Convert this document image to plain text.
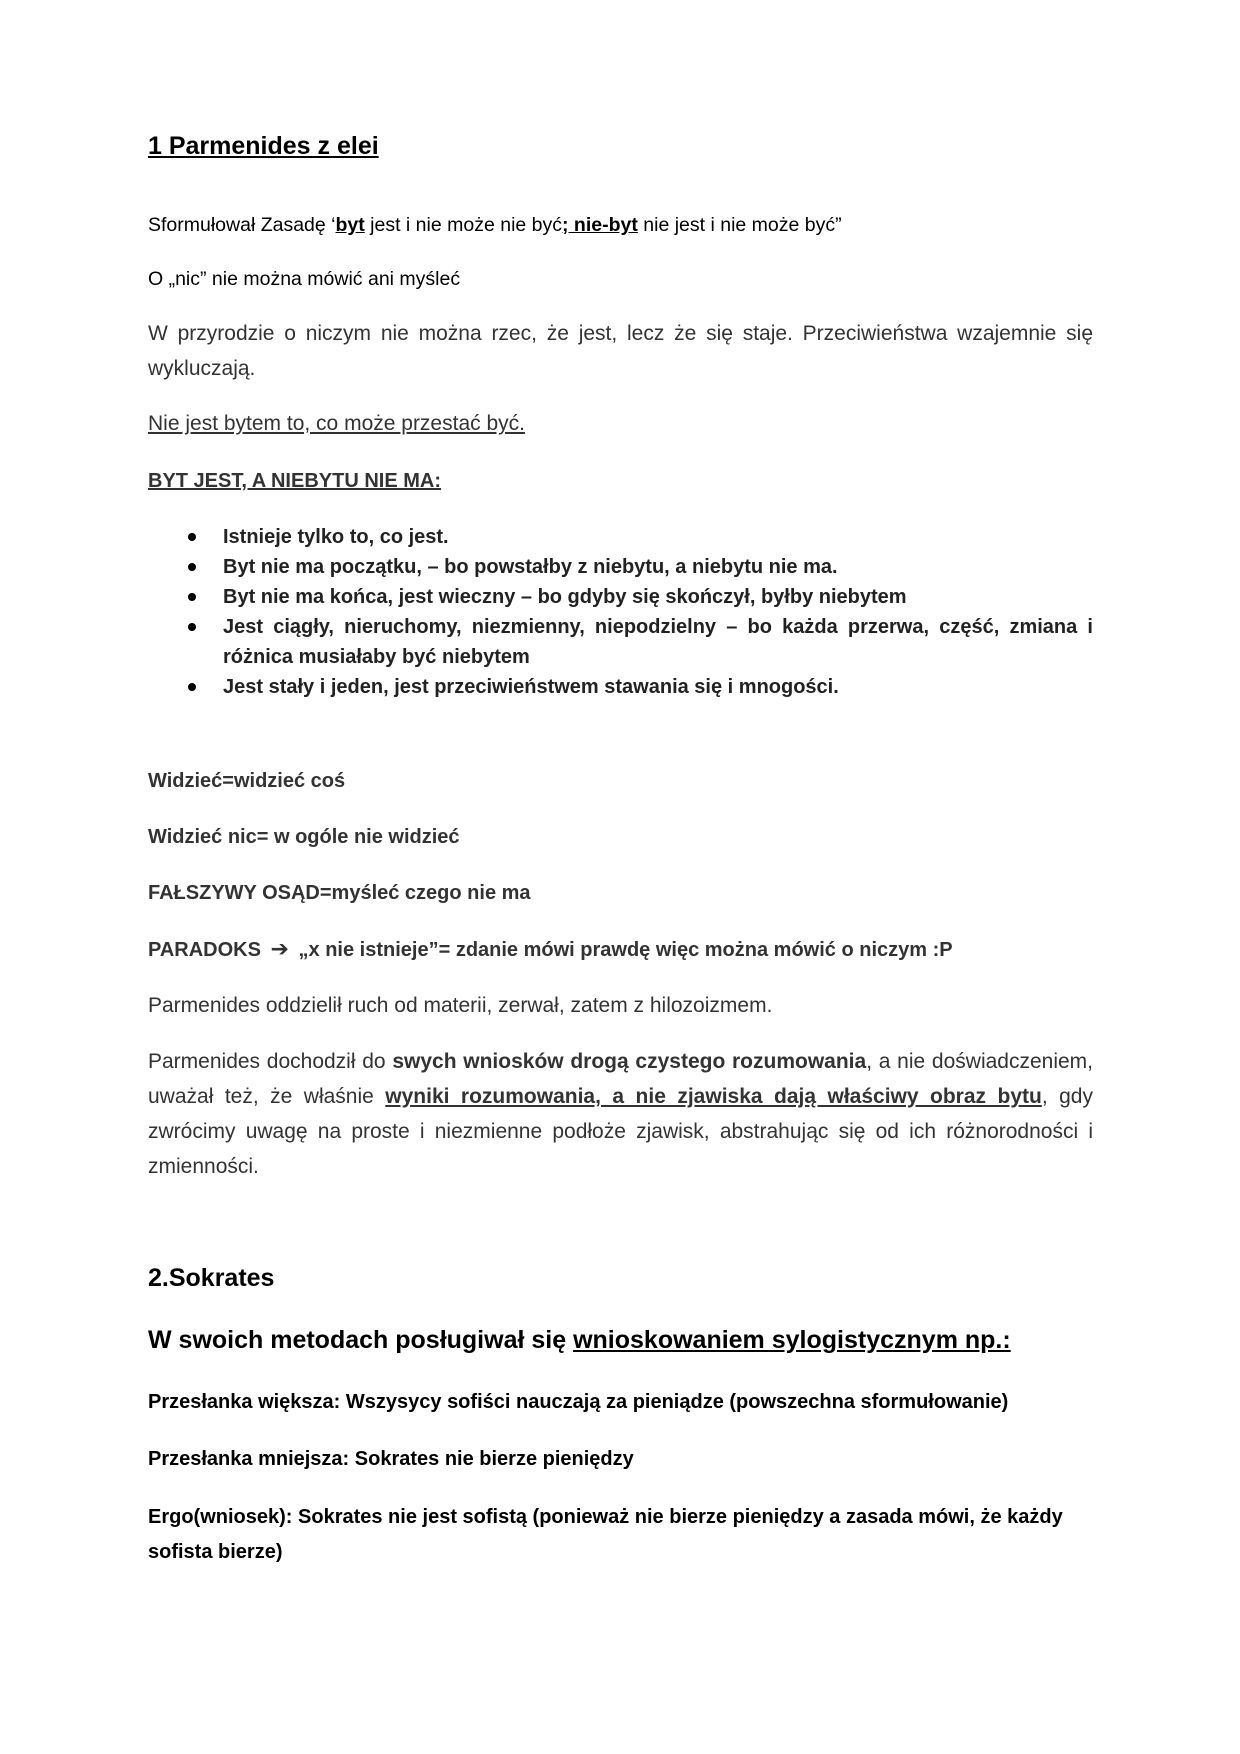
1 Parmenides z elei

Sformułował Zasadę ‘byt jest i nie może nie być; nie-byt nie jest i nie może być”

O „nic” nie można mówić ani myśleć

W przyrodzie o niczym nie można rzec, że jest, lecz że się staje. Przeciwieństwa wzajemnie się wykluczają.

Nie jest bytem to, co może przestać być.

BYT JEST, A NIEBYTU NIE MA:

Istnieje tylko to, co jest.
Byt nie ma początku, – bo powstałby z niebytu, a niebytu nie ma.
Byt nie ma końca, jest wieczny – bo gdyby się skończył, byłby niebytem
Jest ciągły, nieruchomy, niezmienny, niepodzielny – bo każda przerwa, część, zmiana i różnica musiałaby być niebytem
Jest stały i jeden, jest przeciwieństwem stawania się i mnogości.

Widzieć=widzieć coś

Widzieć nic= w ogóle nie widzieć

FAŁSZYWY OSĄD=myśleć czego nie ma

PARADOKS ➔ „x nie istnieje”= zdanie mówi prawdę więc można mówić o niczym :P

Parmenides oddzielił ruch od materii, zerwał, zatem z hilozoizmem.

Parmenides dochodził do swych wniosków drogą czystego rozumowania, a nie doświadczeniem, uważał też, że właśnie wyniki rozumowania, a nie zjawiska dają właściwy obraz bytu, gdy zwrócimy uwagę na proste i niezmienne podłoże zjawisk, abstrahując się od ich różnorodności i zmienności.

2.Sokrates
W swoich metodach posługiwał się wnioskowaniem sylogistycznym np.:

Przesłanka większa: Wszysycy sofiści nauczają za pieniądze (powszechna sformułowanie)

Przesłanka mniejsza: Sokrates nie bierze pieniędzy

Ergo(wniosek): Sokrates nie jest sofistą (ponieważ nie bierze pieniędzy a zasada mówi, że każdy sofista bierze)
